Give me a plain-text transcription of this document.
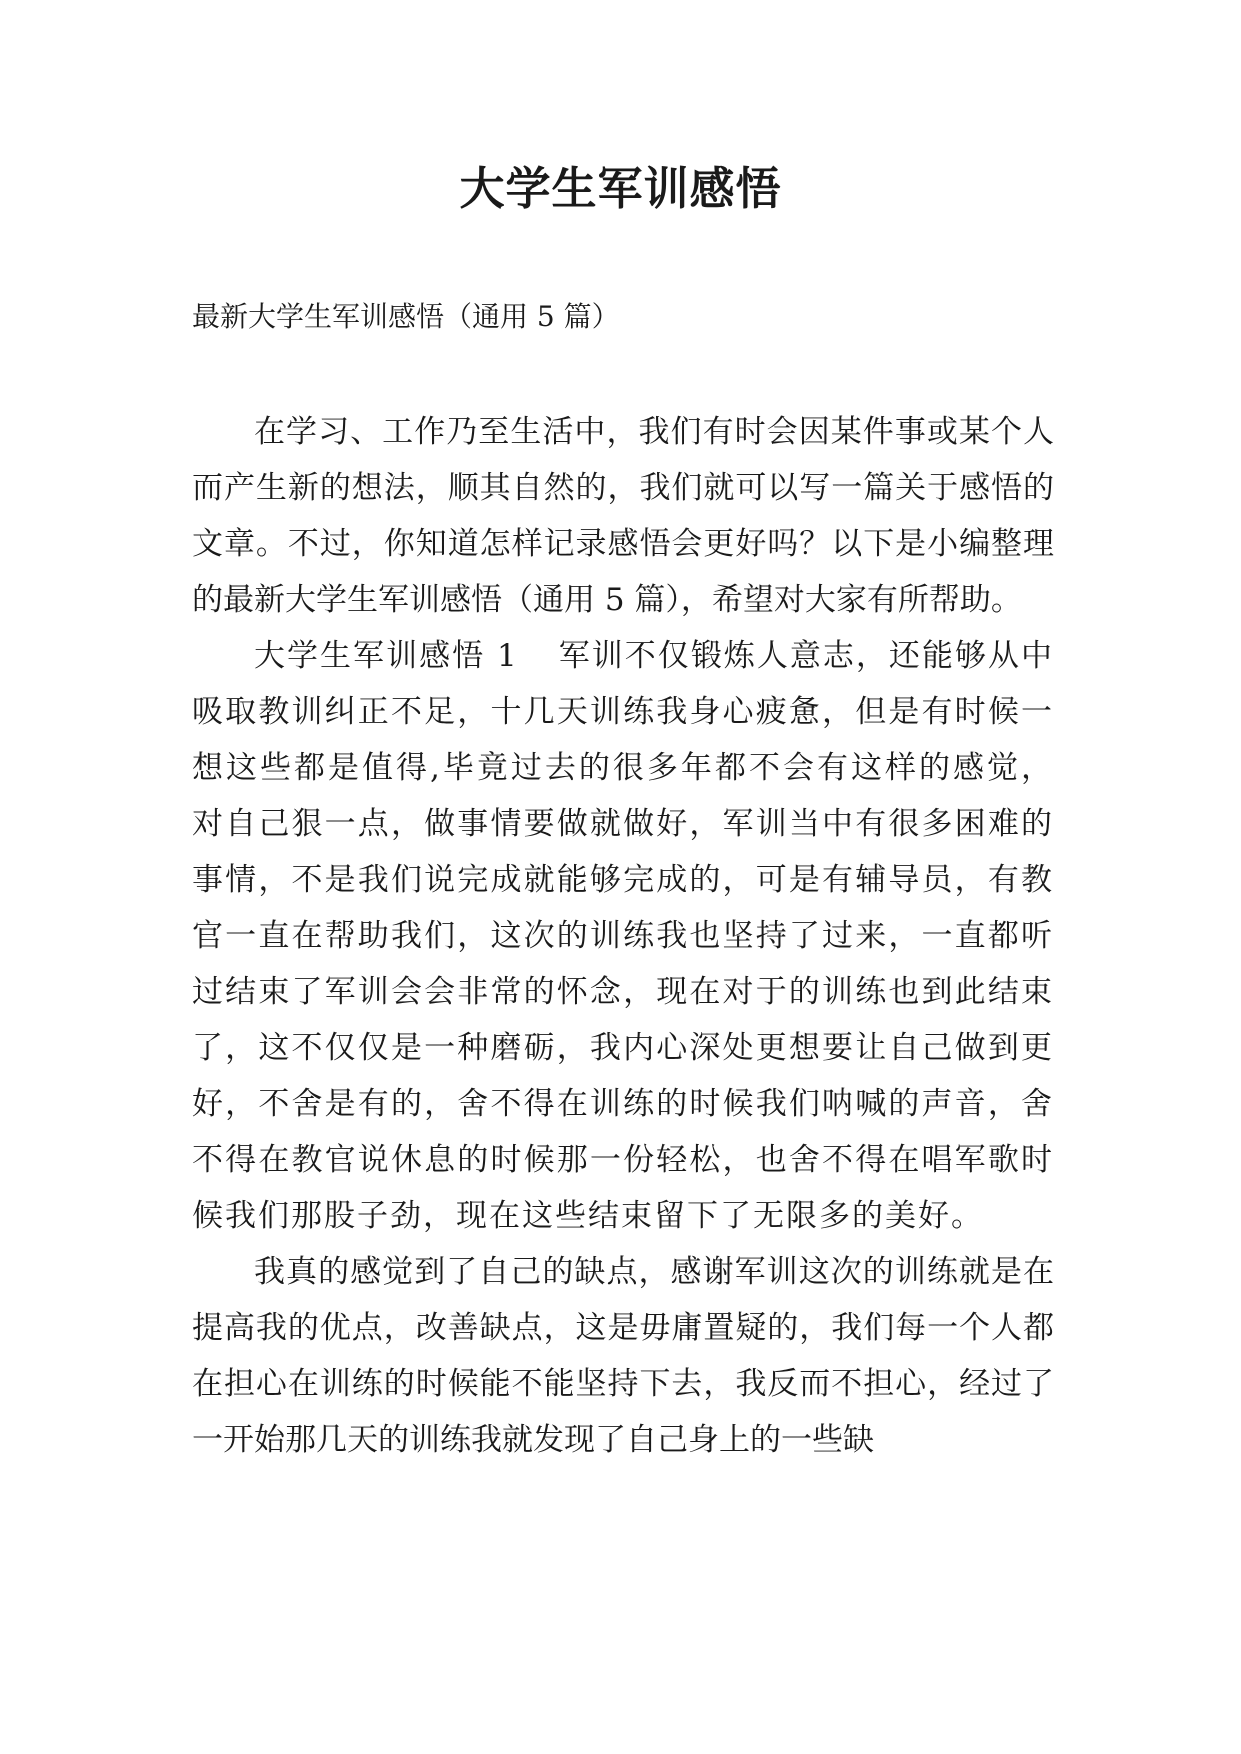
大学生军训感悟

最新大学生军训感悟（通用 5 篇）

在学习、工作乃至生活中，我们有时会因某件事或某个人而产生新的想法，顺其自然的，我们就可以写一篇关于感悟的文章。不过，你知道怎样记录感悟会更好吗？以下是小编整理的最新大学生军训感悟（通用 5 篇），希望对大家有所帮助。

大学生军训感悟 1 军训不仅锻炼人意志，还能够从中吸取教训纠正不足，十几天训练我身心疲惫，但是有时候一想这些都是值得,毕竟过去的很多年都不会有这样的感觉，对自己狠一点，做事情要做就做好，军训当中有很多困难的事情，不是我们说完成就能够完成的，可是有辅导员，有教官一直在帮助我们，这次的训练我也坚持了过来，一直都听过结束了军训会会非常的怀念，现在对于的训练也到此结束了，这不仅仅是一种磨砺，我内心深处更想要让自己做到更好，不舍是有的，舍不得在训练的时候我们呐喊的声音，舍不得在教官说休息的时候那一份轻松，也舍不得在唱军歌时候我们那股子劲，现在这些结束留下了无限多的美好。

我真的感觉到了自己的缺点，感谢军训这次的训练就是在提高我的优点，改善缺点，这是毋庸置疑的，我们每一个人都在担心在训练的时候能不能坚持下去，我反而不担心，经过了一开始那几天的训练我就发现了自己身上的一些缺
